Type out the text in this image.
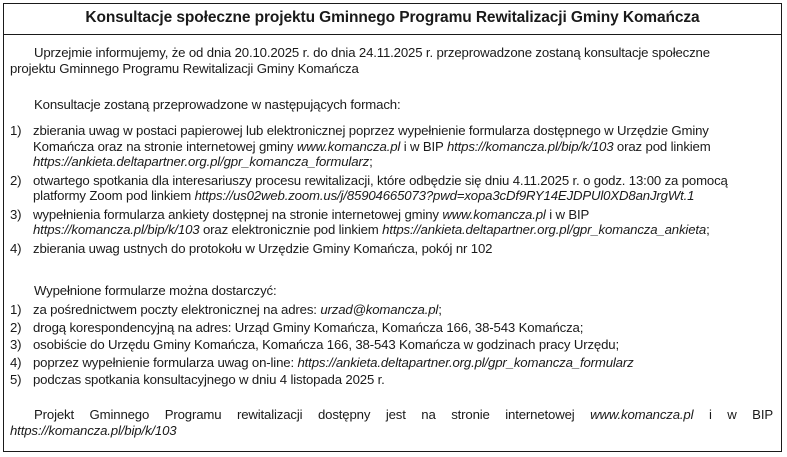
Konsultacje społeczne projektu Gminnego Programu Rewitalizacji Gminy Komańcza
Uprzejmie informujemy, że od dnia 20.10.2025 r. do dnia 24.11.2025 r. przeprowadzone zostaną konsultacje społeczne
projektu Gminnego Programu Rewitalizacji Gminy Komańcza
Konsultacje zostaną przeprowadzone w następujących formach:
1) zbierania uwag w postaci papierowej lub elektronicznej poprzez wypełnienie formularza dostępnego w Urzędzie Gminy
Komańcza oraz na stronie internetowej gminy www.komancza.pl i w BIP https://komancza.pl/bip/k/103 oraz pod linkiem
https://ankieta.deltapartner.org.pl/gpr_komancza_formularz;
2) otwartego spotkania dla interesariuszy procesu rewitalizacji, które odbędzie się dniu 4.11.2025 r. o godz. 13:00 za pomocą
platformy Zoom pod linkiem https://us02web.zoom.us/j/85904665073?pwd=xopa3cDf9RY14EJDPUl0XD8anJrgWt.1
3) wypełnienia formularza ankiety dostępnej na stronie internetowej gminy www.komancza.pl i w BIP
https://komancza.pl/bip/k/103 oraz elektronicznie pod linkiem https://ankieta.deltapartner.org.pl/gpr_komancza_ankieta;
4) zbierania uwag ustnych do protokołu w Urzędzie Gminy Komańcza, pokój nr 102
Wypełnione formularze można dostarczyć:
1) za pośrednictwem poczty elektronicznej na adres: urzad@komancza.pl;
2) drogą korespondencyjną na adres: Urząd Gminy Komańcza, Komańcza 166, 38-543 Komańcza;
3) osobiście do Urzędu Gminy Komańcza, Komańcza 166, 38-543 Komańcza w godzinach pracy Urzędu;
4) poprzez wypełnienie formularza uwag on-line: https://ankieta.deltapartner.org.pl/gpr_komancza_formularz
5) podczas spotkania konsultacyjnego w dniu 4 listopada 2025 r.
Projekt Gminnego Programu rewitalizacji dostępny jest na stronie internetowej www.komancza.pl i w BIP
https://komancza.pl/bip/k/103
